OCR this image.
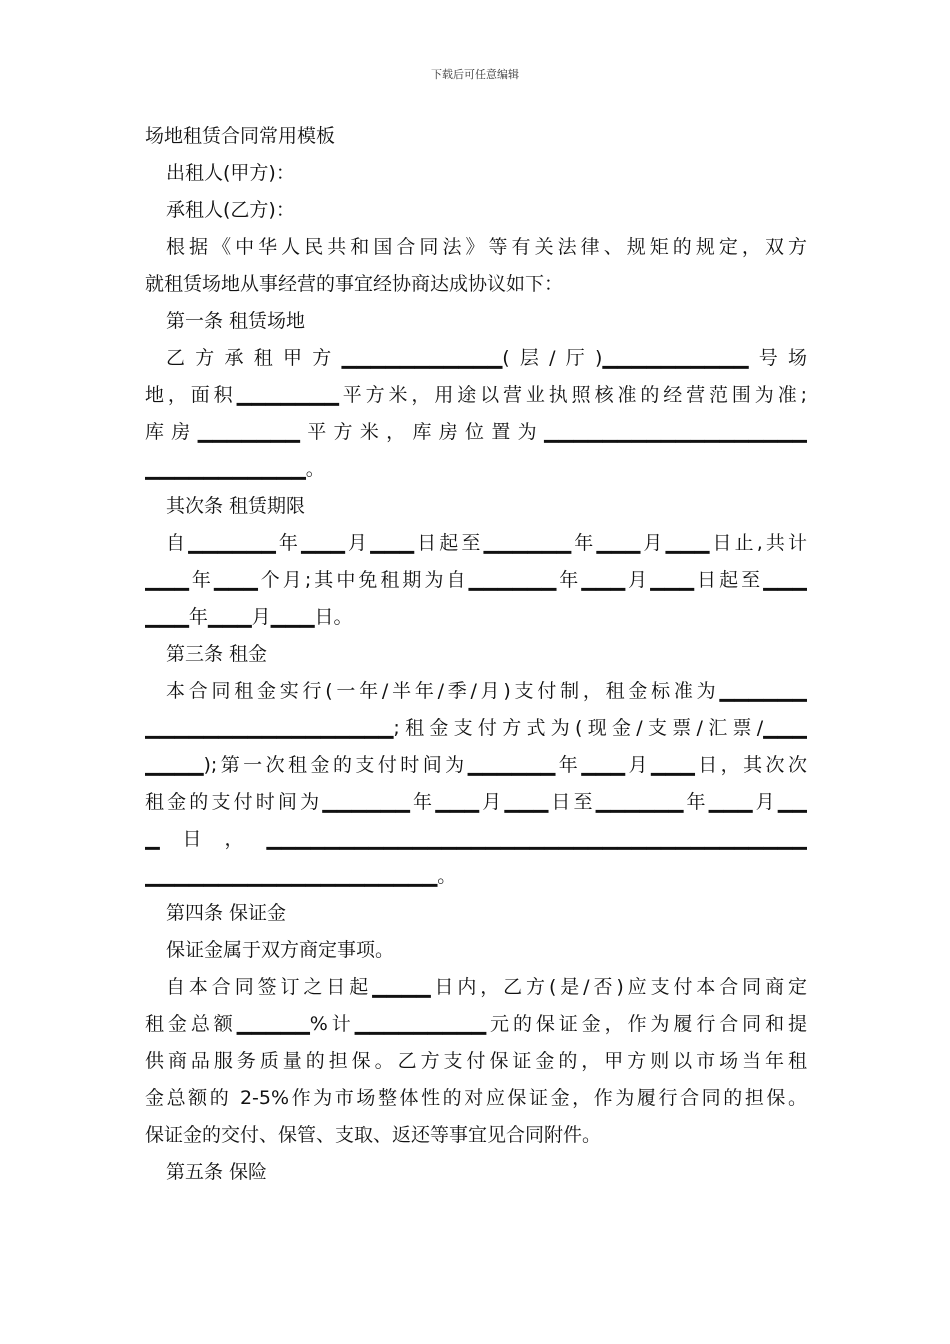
下载后可任意编辑
场地租赁合同常用模板
出租人(甲方)：
承租人(乙方)：
根据《中华人民共和国合同法》等有关法律、规矩的规定，双方
就租赁场地从事经营的事宜经协商达成协议如下：
第一条 租赁场地
乙方承租甲方▁▁▁▁▁▁▁▁▁▁▁(层/厅)▁▁▁▁▁▁▁▁▁▁号场
地，面积▁▁▁▁▁▁▁平方米，用途以营业执照核准的经营范围为准;
库房▁▁▁▁▁▁▁平方米，库房位置为▁▁▁▁▁▁▁▁▁▁▁▁▁▁▁▁▁▁
▁▁▁▁▁▁▁▁▁▁▁。
其次条 租赁期限
自▁▁▁▁▁▁年▁▁▁月▁▁▁日起至▁▁▁▁▁▁年▁▁▁月▁▁▁日止,共计
▁▁▁年▁▁▁个月;其中免租期为自▁▁▁▁▁▁年▁▁▁月▁▁▁日起至▁▁▁
▁▁▁年▁▁▁月▁▁▁日。
第三条 租金
本合同租金实行(一年/半年/季/月)支付制，租金标准为▁▁▁▁▁▁
▁▁▁▁▁▁▁▁▁▁▁▁▁▁▁▁▁;租金支付方式为(现金/支票/汇票/▁▁▁
▁▁▁▁);第一次租金的支付时间为▁▁▁▁▁▁年▁▁▁月▁▁▁日，其次次
租金的支付时间为▁▁▁▁▁▁年▁▁▁月▁▁▁日至▁▁▁▁▁▁年▁▁▁月▁▁
▁日，▁▁▁▁▁▁▁▁▁▁▁▁▁▁▁▁▁▁▁▁▁▁▁▁▁▁▁▁▁▁▁▁▁▁▁▁▁
▁▁▁▁▁▁▁▁▁▁▁▁▁▁▁▁▁▁▁▁。
第四条 保证金
保证金属于双方商定事项。
自本合同签订之日起▁▁▁▁日内，乙方(是/否)应支付本合同商定
租金总额▁▁▁▁▁%计▁▁▁▁▁▁▁▁▁元的保证金，作为履行合同和提
供商品服务质量的担保。乙方支付保证金的，甲方则以市场当年租
金总额的 2-5%作为市场整体性的对应保证金，作为履行合同的担保。
保证金的交付、保管、支取、返还等事宜见合同附件。
第五条 保险
